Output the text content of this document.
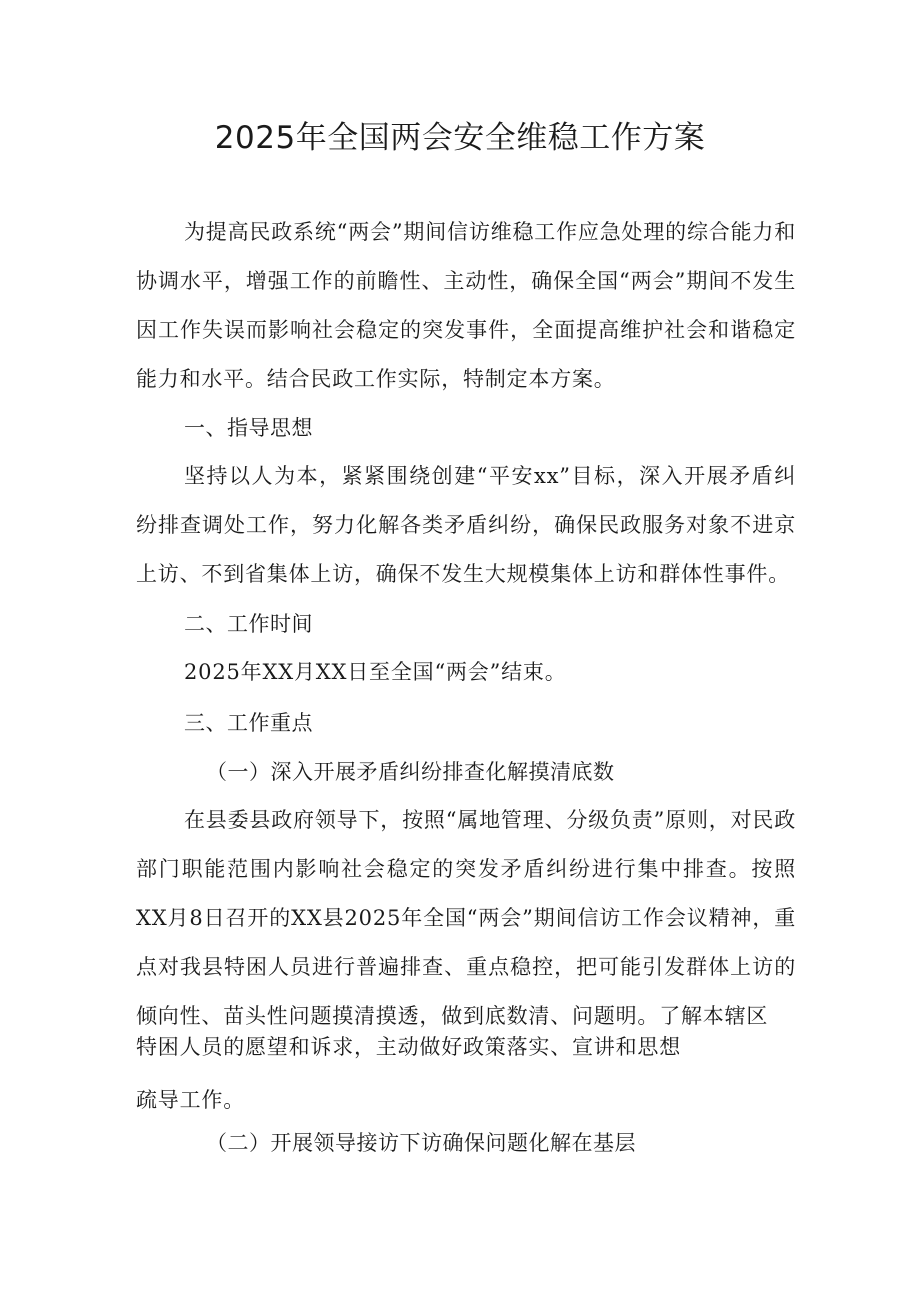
2025年全国两会安全维稳工作方案

为提高民政系统“两会”期间信访维稳工作应急处理的综合能力和协调水平，增强工作的前瞻性、主动性，确保全国“两会”期间不发生因工作失误而影响社会稳定的突发事件，全面提高维护社会和谐稳定能力和水平。结合民政工作实际，特制定本方案。

一、指导思想

坚持以人为本，紧紧围绕创建“平安xx”目标，深入开展矛盾纠纷排查调处工作，努力化解各类矛盾纠纷，确保民政服务对象不进京上访、不到省集体上访，确保不发生大规模集体上访和群体性事件。

二、工作时间

2025年XX月XX日至全国“两会”结束。

三、工作重点
（一）深入开展矛盾纠纷排查化解摸清底数

在县委县政府领导下，按照“属地管理、分级负责”原则，对民政部门职能范围内影响社会稳定的突发矛盾纠纷进行集中排查。按照XX月8日召开的XX县2025年全国“两会”期间信访工作会议精神，重点对我县特困人员进行普遍排查、重点稳控，把可能引发群体上访的倾向性、苗头性问题摸清摸透，做到底数清、问题明。了解本辖区

特困人员的愿望和诉求，主动做好政策落实、宣讲和思想

疏导工作。

（二）开展领导接访下访确保问题化解在基层
